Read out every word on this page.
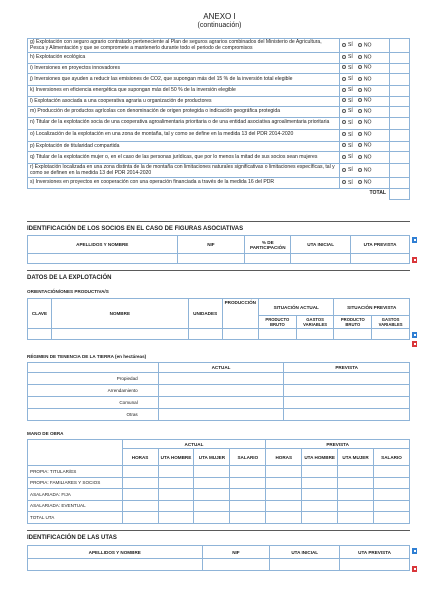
ANEXO I
(continuación)
g) Explotación con seguro agrario contratado perteneciente al Plan de seguros agrarios combinados del Ministerio de Agricultura, Pesca y Alimentación y que se compromete a mantenerlo durante todo el periodo de compromisos	SÍ NO	
h) Explotación ecológica	SÍ NO	
i) Inversiones en proyectos innovadores	SÍ NO	
j) Inversiones que ayuden a reducir las emisiones de CO2, que supongan más del 15 % de la inversión total elegible	SÍ NO	
k) Inversiones en eficiencia energética que supongan más del 50 % de la inversión elegible	SÍ NO	
l) Explotación asociada a una cooperativa agraria u organización de productores	SÍ NO	
m) Producción de productos agrícolas con denominación de origen protegida o indicación geográfica protegida	SÍ NO	
n) Titular de la explotación socia de una cooperativa agroalimentaria prioritaria o de una entidad asociativa agroalimentaria prioritaria	SÍ NO	
o) Localización de la explotación en una zona de montaña, tal y como se define en la medida 13 del PDR 2014-2020	SÍ NO	
p) Explotación de titularidad compartida	SÍ NO	
q) Titular de la explotación mujer o, en el caso de las personas jurídicas, que por lo menos la mitad de sus socios sean mujeres	SÍ NO	
r) Explotación localizada en una zona distinta de la de montaña con limitaciones naturales significativas o limitaciones específicas, tal y como se definen en la medida 13 del PDR 2014-2020	SÍ NO	
s) Inversiones en proyectos en cooperación con una operación financiada a través de la medida 16 del PDR	SÍ NO	
	TOTAL	
IDENTIFICACIÓN DE LOS SOCIOS EN EL CASO DE FIGURAS ASOCIATIVAS
APELLIDOS Y NOMBRE	NIF	% DE PARTICIPACIÓN	UTA INICIAL	UTA PREVISTA

DATOS DE LA EXPLOTACIÓN
ORIENTACIÓN/ONES PRODUCTIVA/S
CLAVE	NOMBRE	UNIDADES	PRODUCCIÓN	SITUACIÓN ACTUAL		SITUACIÓN PREVISTA	
				PRODUCTO BRUTO	GASTOS VARIABLES	PRODUCTO BRUTO	GASTOS VARIABLES

RÉGIMEN DE TENENCIA DE LA TIERRA (en hectáreas)
	ACTUAL	PREVISTA
Propiedad		
Arrendamiento		
Comunal		
Otras		
MANO DE OBRA
	ACTUAL				PREVISTA			
	HORAS	UTA HOMBRE	UTA MUJER	SALARIO	HORAS	UTA HOMBRE	UTA MUJER	SALARIO
PROPIA: TITULAR/ES								
PROPIA: FAMILIARES Y SOCIOS								
ASALARIADA: FIJA								
ASALARIADA: EVENTUAL								
TOTAL UTA								
IDENTIFICACIÓN DE LAS UTAS
APELLIDOS Y NOMBRE	NIF	UTA INICIAL	UTA PREVISTA
